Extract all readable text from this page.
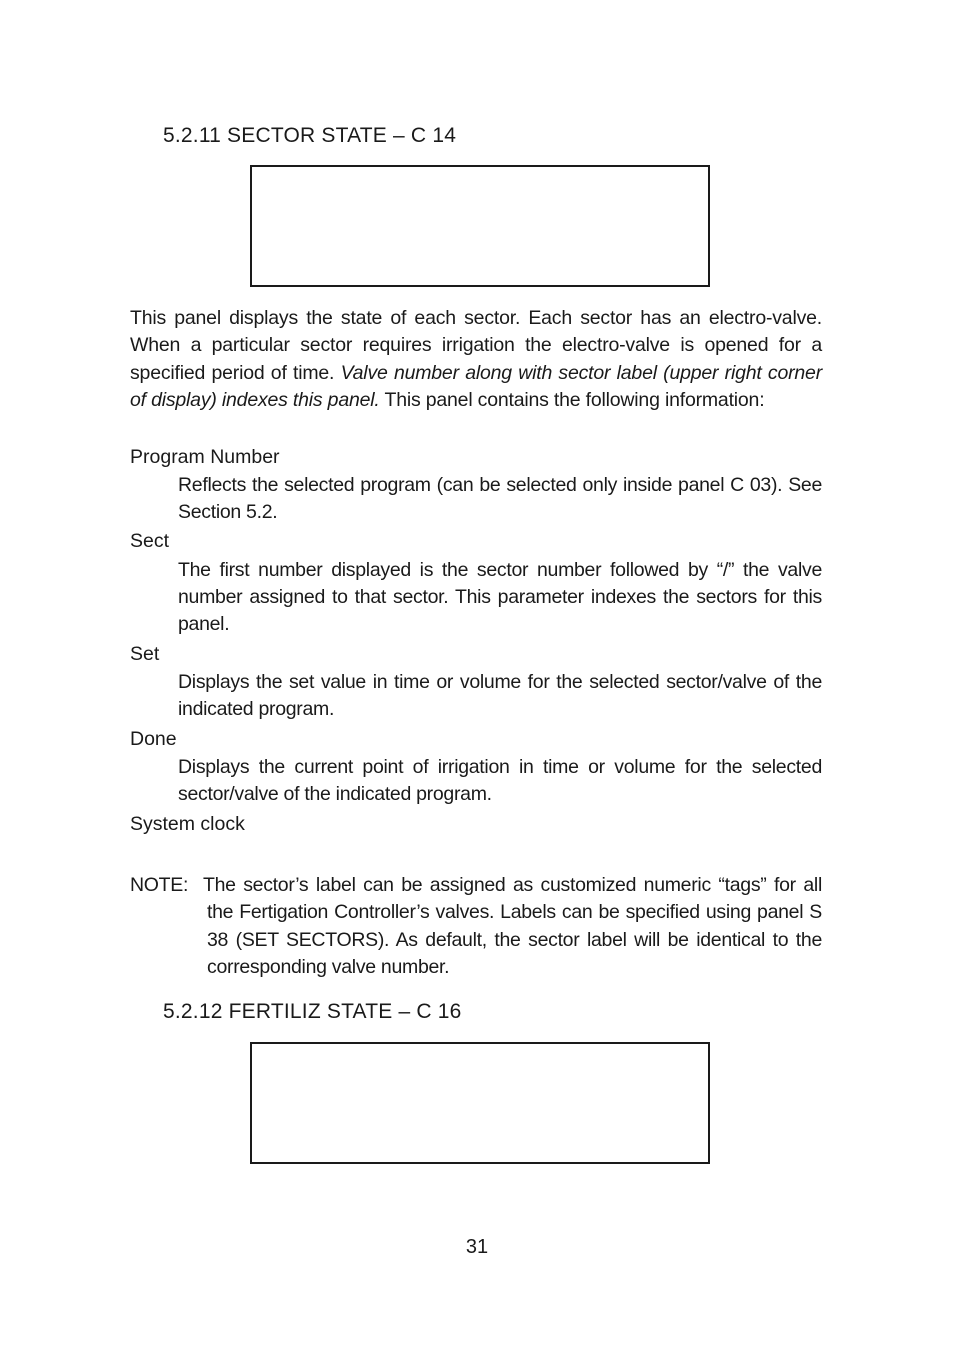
5.2.11 SECTOR STATE – C 14

This panel displays the state of each sector. Each sector has an electro-valve. When a particular sector requires irrigation the electro-valve is opened for a specified period of time. Valve number along with sector label (upper right corner of display) indexes this panel. This panel contains the following information:

Program Number

Reflects the selected program (can be selected only inside panel C 03). See Section 5.2.

Sect

The first number displayed is the sector number followed by “/” the valve number assigned to that sector. This parameter indexes the sectors for this panel.

Set

Displays the set value in time or volume for the selected sector/valve of the indicated program.

Done

Displays the current point of irrigation in time or volume for the selected sector/valve of the indicated program.

System clock

NOTE: The sector’s label can be assigned as customized numeric “tags” for all the Fertigation Controller’s valves. Labels can be specified using panel S 38 (SET SECTORS). As default, the sector label will be identical to the corresponding valve number.

5.2.12 FERTILIZ STATE – C 16
31
